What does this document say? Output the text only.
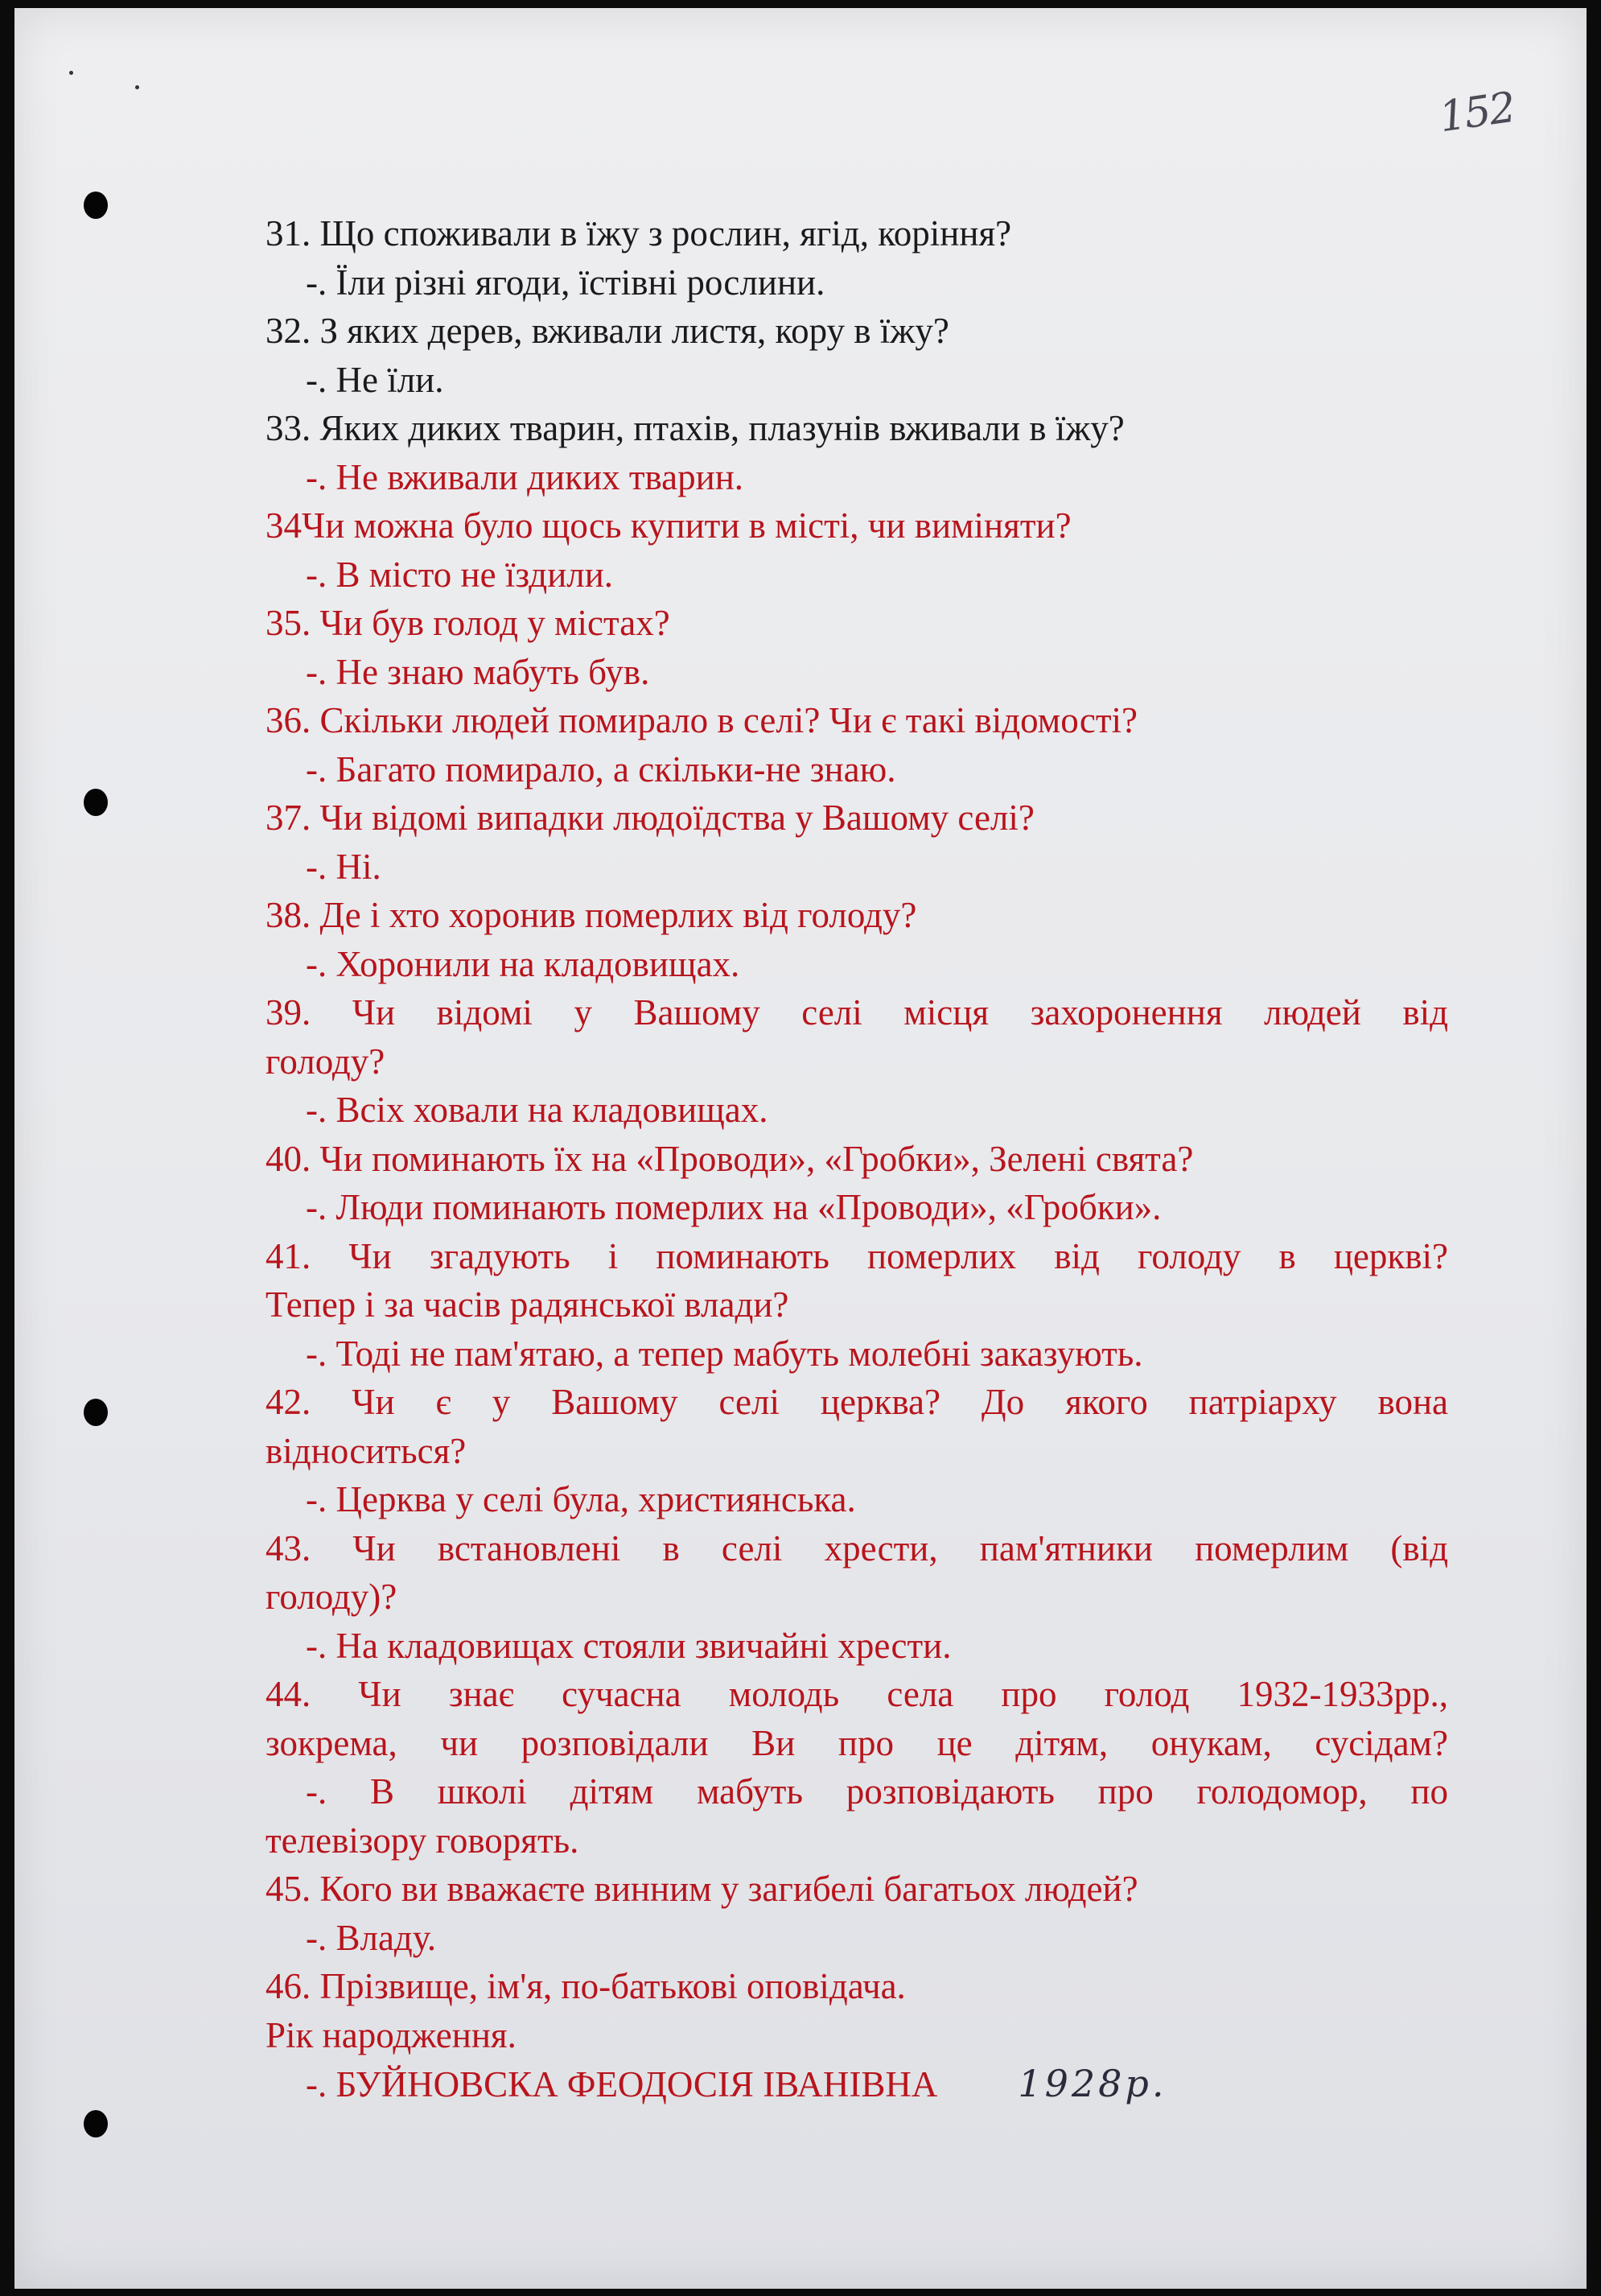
152
31. Що споживали в їжу з рослин, ягід, коріння?
-. Їли різні ягоди, їстівні рослини.
32. З яких дерев, вживали листя, кору в їжу?
-. Не їли.
33. Яких диких тварин, птахів, плазунів вживали в їжу?
-. Не вживали диких тварин.
34Чи можна було щось купити в місті, чи виміняти?
-. В місто не їздили.
35. Чи був голод у містах?
-. Не знаю мабуть був.
36. Скільки людей помирало в селі? Чи є такі відомості?
-. Багато помирало, а скільки-не знаю.
37. Чи відомі випадки людоїдства у Вашому селі?
-. Ні.
38. Де і хто хоронив померлих від голоду?
-. Хоронили на кладовищах.
39. Чи відомі у Вашому селі місця захоронення людей від
голоду?
-. Всіх ховали на кладовищах.
40. Чи поминають їх на «Проводи», «Гробки», Зелені свята?
-. Люди поминають померлих на «Проводи», «Гробки».
41. Чи згадують і поминають померлих від голоду в церкві?
Тепер і за часів радянської влади?
-. Тоді не пам'ятаю, а тепер мабуть молебні заказують.
42. Чи є у Вашому селі церква? До якого патріарху вона
відноситься?
-. Церква у селі була, християнська.
43. Чи встановлені в селі хрести, пам'ятники померлим (від
голоду)?
-. На кладовищах стояли звичайні хрести.
44. Чи знає сучасна молодь села про голод 1932-1933рр.,
зокрема, чи розповідали Ви про це дітям, онукам, сусідам?
-. В школі дітям мабуть розповідають про голодомор, по
телевізору говорять.
45. Кого ви вважаєте винним у загибелі багатьох людей?
-. Владу.
46. Прізвище, ім'я, по-батькові оповідача.
Рік народження.
-. БУЙНОВСКА ФЕОДОСІЯ ІВАНІВНА 1928р.
